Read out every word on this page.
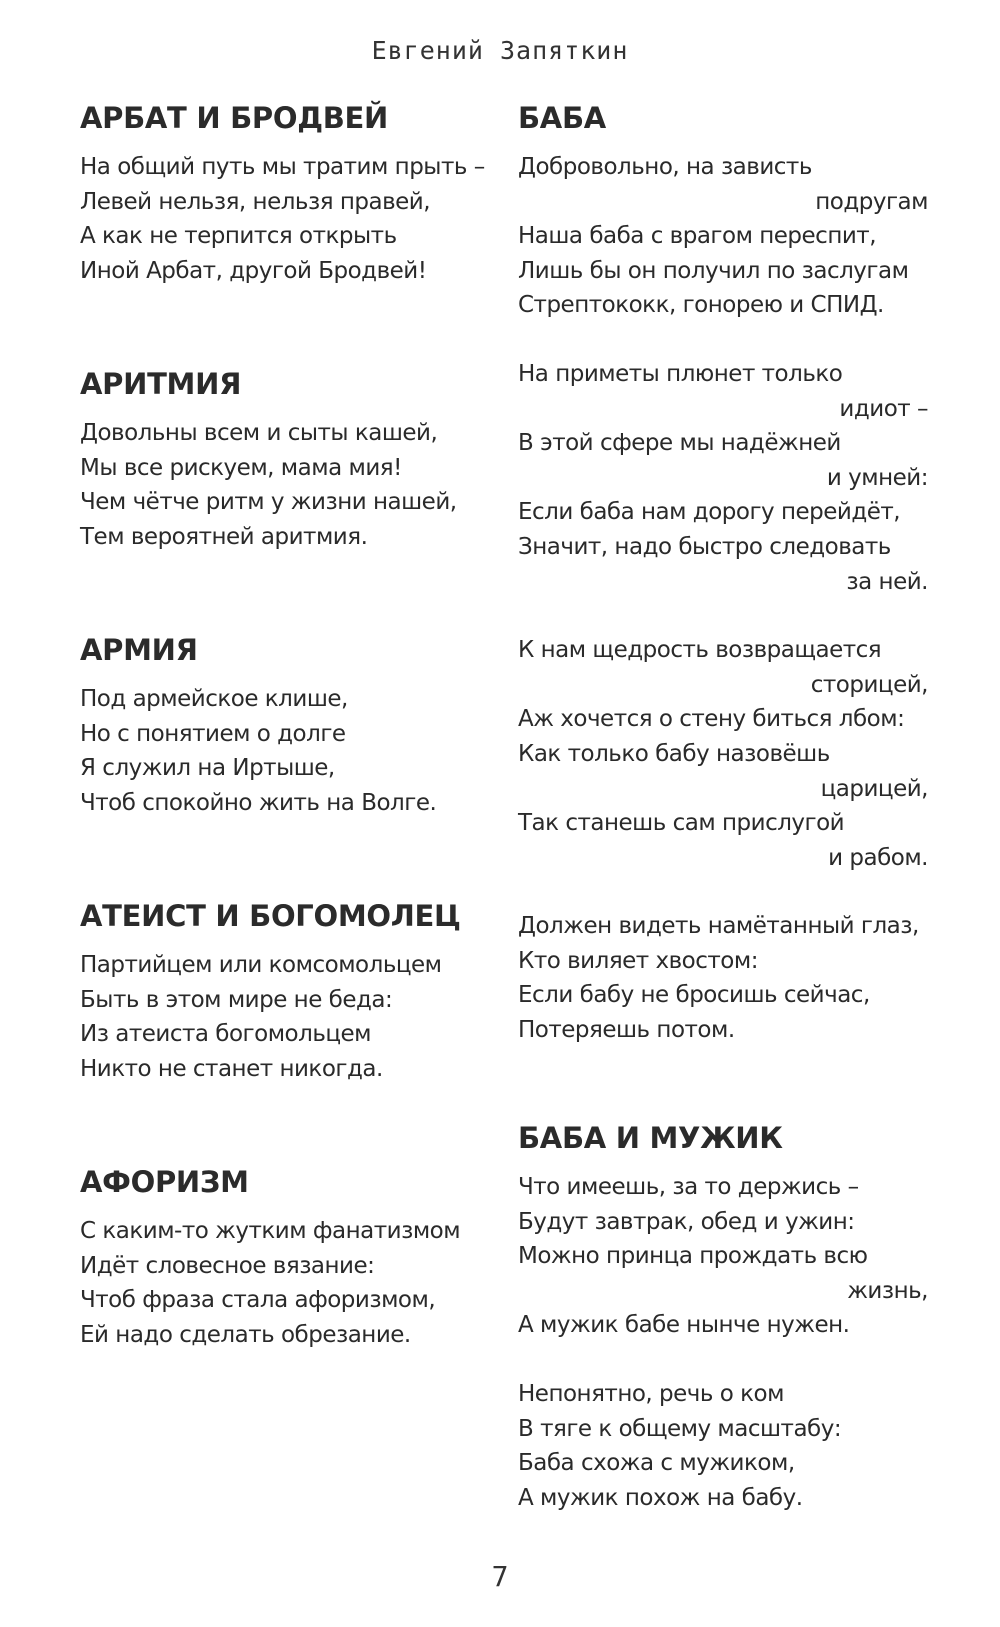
Евгений Запяткин
АРБАТ И БРОДВЕЙ
На общий путь мы тратим прыть –
Левей нельзя, нельзя правей,
А как не терпится открыть
Иной Арбат, другой Бродвей!
АРИТМИЯ
Довольны всем и сыты кашей,
Мы все рискуем, мама мия!
Чем чётче ритм у жизни нашей,
Тем вероятней аритмия.
АРМИЯ
Под армейское клише,
Но с понятием о долге
Я служил на Иртыше,
Чтоб спокойно жить на Волге.
АТЕИСТ И БОГОМОЛЕЦ
Партийцем или комсомольцем
Быть в этом мире не беда:
Из атеиста богомольцем
Никто не станет никогда.
АФОРИЗМ
С каким-то жутким фанатизмом
Идёт словесное вязание:
Чтоб фраза стала афоризмом,
Ей надо сделать обрезание.
БАБА
Добровольно, на зависть
подругам
Наша баба с врагом переспит,
Лишь бы он получил по заслугам
Стрептококк, гонорею и СПИД.
На приметы плюнет только
идиот –
В этой сфере мы надёжней
и умней:
Если баба нам дорогу перейдёт,
Значит, надо быстро следовать
за ней.
К нам щедрость возвращается
сторицей,
Аж хочется о стену биться лбом:
Как только бабу назовёшь
царицей,
Так станешь сам прислугой
и рабом.
Должен видеть намётанный глаз,
Кто виляет хвостом:
Если бабу не бросишь сейчас,
Потеряешь потом.
БАБА И МУЖИК
Что имеешь, за то держись –
Будут завтрак, обед и ужин:
Можно принца прождать всю
жизнь,
А мужик бабе нынче нужен.
Непонятно, речь о ком
В тяге к общему масштабу:
Баба схожа с мужиком,
А мужик похож на бабу.
7
